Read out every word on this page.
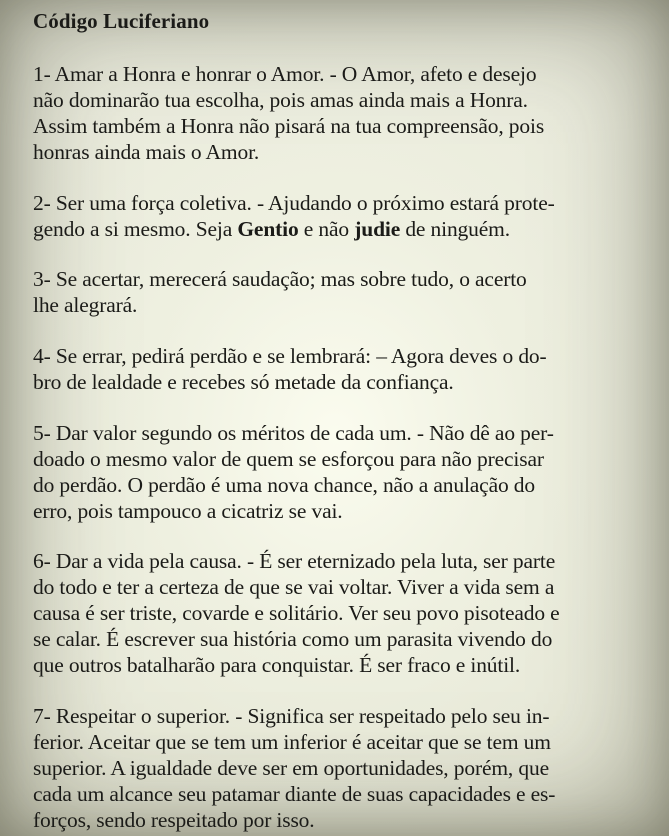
Código Luciferiano
1- Amar a Honra e honrar o Amor. - O Amor, afeto e desejo
não dominarão tua escolha, pois amas ainda mais a Honra.
Assim também a Honra não pisará na tua compreensão, pois
honras ainda mais o Amor.
2- Ser uma força coletiva. - Ajudando o próximo estará prote-
gendo a si mesmo. Seja Gentio e não judie de ninguém.
3- Se acertar, merecerá saudação; mas sobre tudo, o acerto
lhe alegrará.
4- Se errar, pedirá perdão e se lembrará: – Agora deves o do-
bro de lealdade e recebes só metade da confiança.
5- Dar valor segundo os méritos de cada um. - Não dê ao per-
doado o mesmo valor de quem se esforçou para não precisar
do perdão. O perdão é uma nova chance, não a anulação do
erro, pois tampouco a cicatriz se vai.
6- Dar a vida pela causa. - É ser eternizado pela luta, ser parte
do todo e ter a certeza de que se vai voltar. Viver a vida sem a
causa é ser triste, covarde e solitário. Ver seu povo pisoteado e
se calar. É escrever sua história como um parasita vivendo do
que outros batalharão para conquistar. É ser fraco e inútil.
7- Respeitar o superior. - Significa ser respeitado pelo seu in-
ferior. Aceitar que se tem um inferior é aceitar que se tem um
superior. A igualdade deve ser em oportunidades, porém, que
cada um alcance seu patamar diante de suas capacidades e es-
forços, sendo respeitado por isso.
